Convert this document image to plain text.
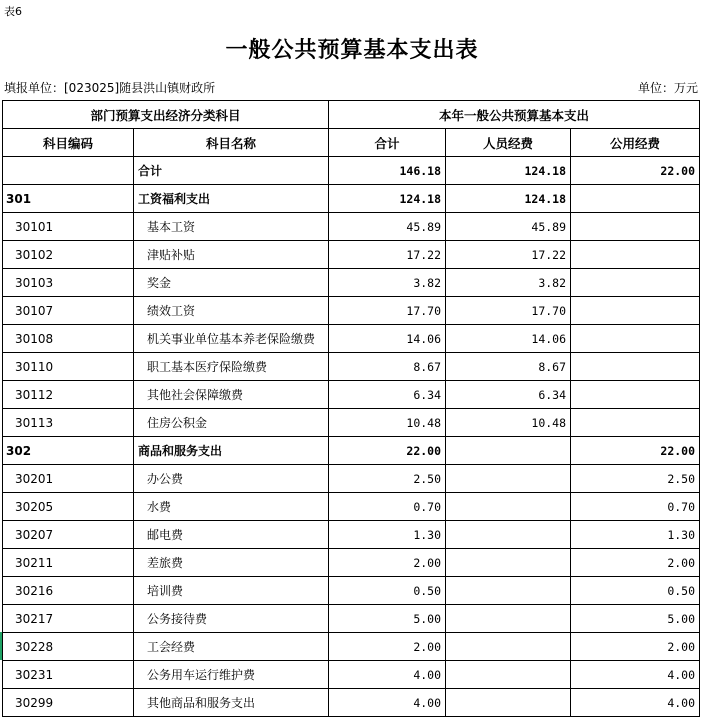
表6
一般公共预算基本支出表
填报单位：[023025]随县洪山镇财政所	单位：万元
部门预算支出经济分类科目		本年一般公共预算基本支出		
科目编码	科目名称	合计	人员经费	公用经费
	合计	146.18	124.18	22.00
301	工资福利支出	124.18	124.18	
30101	基本工资	45.89	45.89	
30102	津贴补贴	17.22	17.22	
30103	奖金	3.82	3.82	
30107	绩效工资	17.70	17.70	
30108	机关事业单位基本养老保险缴费	14.06	14.06	
30110	职工基本医疗保险缴费	8.67	8.67	
30112	其他社会保障缴费	6.34	6.34	
30113	住房公积金	10.48	10.48	
302	商品和服务支出	22.00		22.00
30201	办公费	2.50		2.50
30205	水费	0.70		0.70
30207	邮电费	1.30		1.30
30211	差旅费	2.00		2.00
30216	培训费	0.50		0.50
30217	公务接待费	5.00		5.00
30228	工会经费	2.00		2.00
30231	公务用车运行维护费	4.00		4.00
30299	其他商品和服务支出	4.00		4.00
